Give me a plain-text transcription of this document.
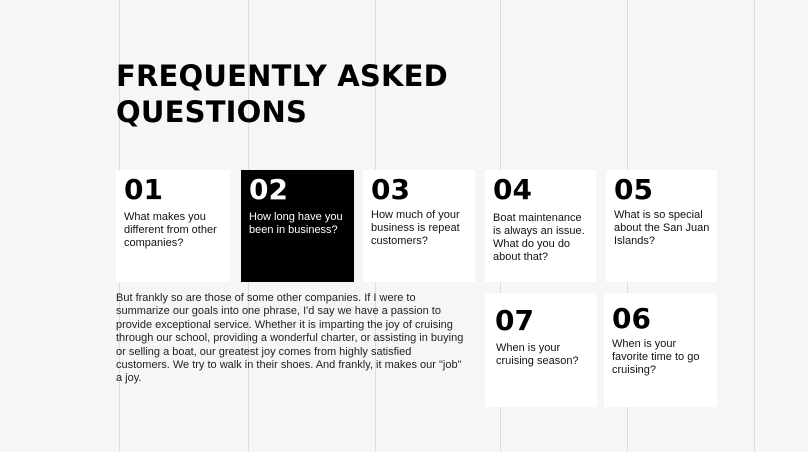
FREQUENTLY ASKED
QUESTIONS
01
What makes you different from other companies?
02
How long have you been in business?
03
How much of your business is repeat customers?
04
Boat maintenance is always an issue. What do you do about that?
05
What is so special about the San Juan Islands?
07
When is your cruising season?
06
When is your favorite time to go cruising?

But frankly so are those of some other companies. If I were to summarize our goals into one phrase, I'd say we have a passion to provide exceptional service. Whether it is imparting the joy of cruising through our school, providing a wonderful charter, or assisting in buying or selling a boat, our greatest joy comes from highly satisfied customers. We try to walk in their shoes. And frankly, it makes our "job" a joy.
